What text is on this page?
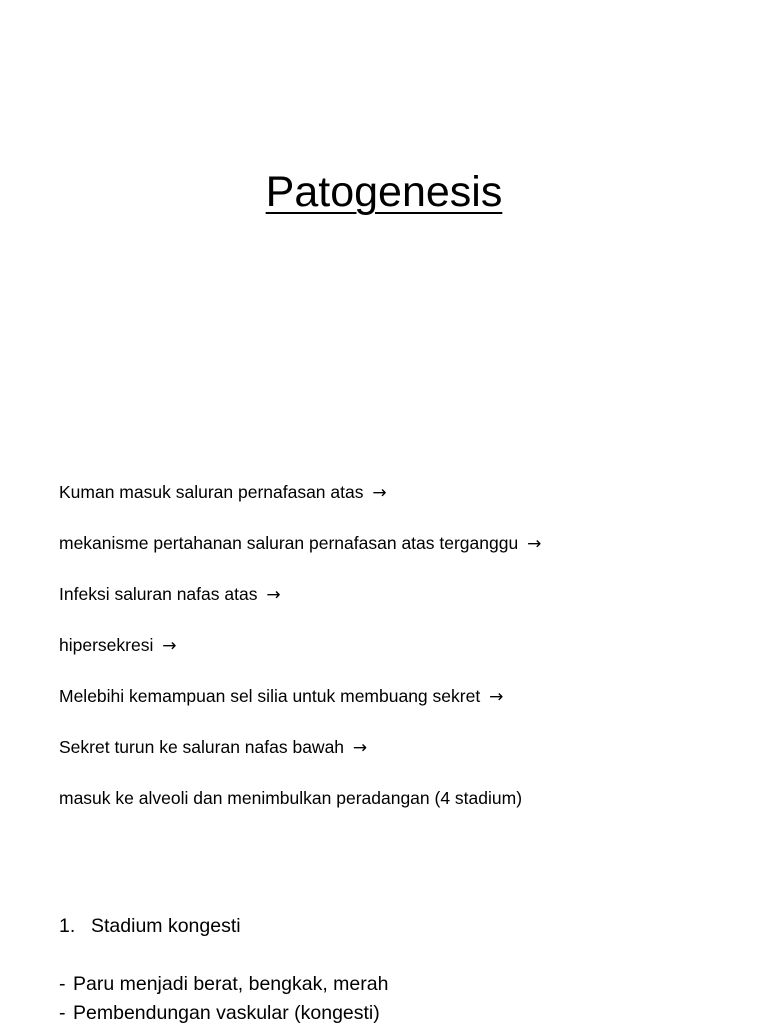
Patogenesis
Kuman masuk saluran pernafasan atas →
mekanisme pertahanan saluran pernafasan atas terganggu →
Infeksi saluran nafas atas →
hipersekresi →
Melebihi kemampuan sel silia untuk membuang sekret →
Sekret turun ke saluran nafas bawah →
masuk ke alveoli dan menimbulkan peradangan (4 stadium)
1. Stadium kongesti
- Paru menjadi berat, bengkak, merah
- Pembendungan vaskular (kongesti)
